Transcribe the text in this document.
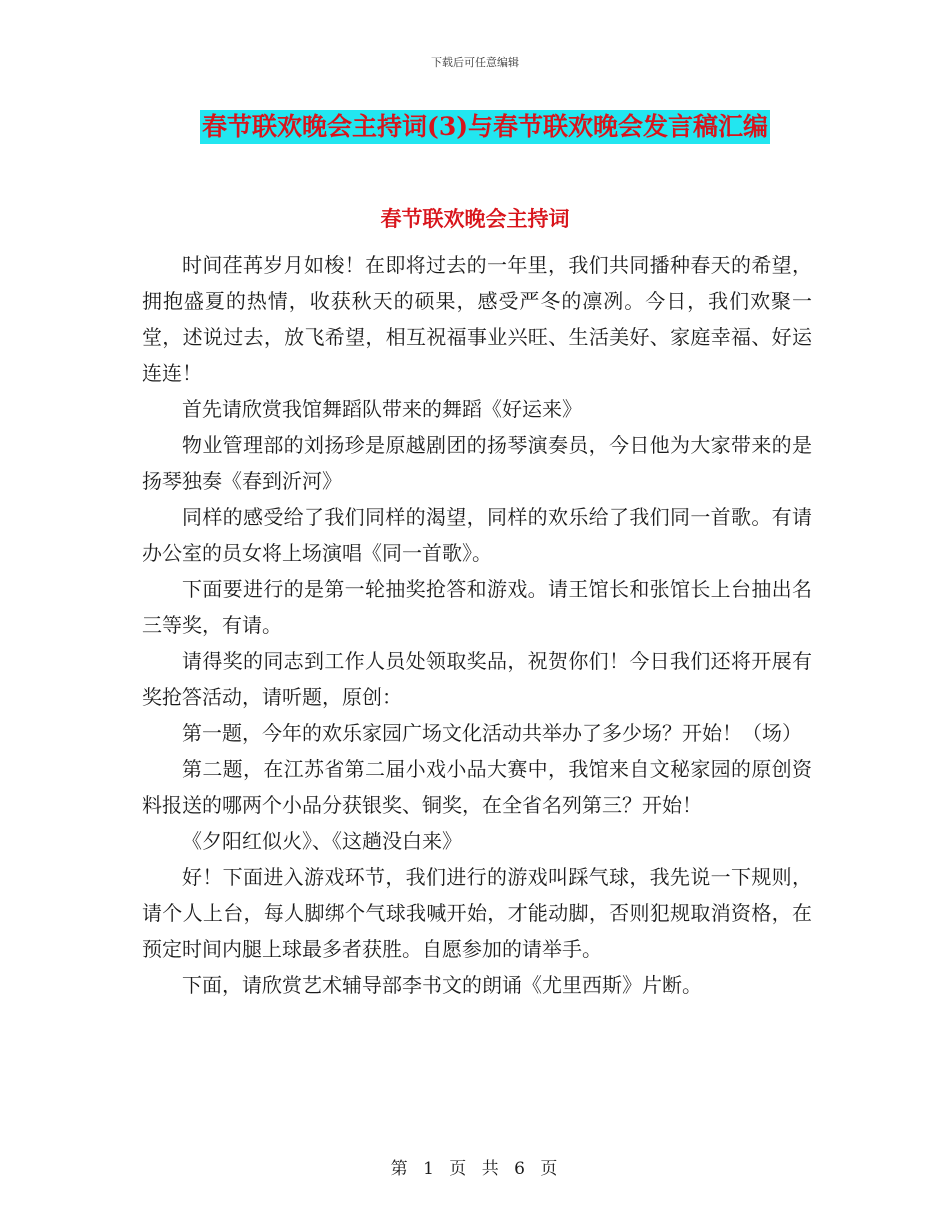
下载后可任意编辑
春节联欢晚会主持词(3)与春节联欢晚会发言稿汇编
春节联欢晚会主持词

时间荏苒岁月如梭！在即将过去的一年里，我们共同播种春天的希望，拥抱盛夏的热情，收获秋天的硕果，感受严冬的凛冽。今日，我们欢聚一堂，述说过去，放飞希望，相互祝福事业兴旺、生活美好、家庭幸福、好运连连！

首先请欣赏我馆舞蹈队带来的舞蹈《好运来》

物业管理部的刘扬珍是原越剧团的扬琴演奏员，今日他为大家带来的是扬琴独奏《春到沂河》

同样的感受给了我们同样的渴望，同样的欢乐给了我们同一首歌。有请办公室的员女将上场演唱《同一首歌》。

下面要进行的是第一轮抽奖抢答和游戏。请王馆长和张馆长上台抽出名三等奖，有请。

请得奖的同志到工作人员处领取奖品，祝贺你们！今日我们还将开展有奖抢答活动，请听题，原创：

第一题，今年的欢乐家园广场文化活动共举办了多少场？开始！（场）

第二题，在江苏省第二届小戏小品大赛中，我馆来自文秘家园的原创资料报送的哪两个小品分获银奖、铜奖，在全省名列第三？开始！

《夕阳红似火》、《这趟没白来》

好！下面进入游戏环节，我们进行的游戏叫踩气球，我先说一下规则，请个人上台，每人脚绑个气球我喊开始，才能动脚，否则犯规取消资格，在预定时间内腿上球最多者获胜。自愿参加的请举手。

下面，请欣赏艺术辅导部李书文的朗诵《尤里西斯》片断。

第 1 页 共 6 页
